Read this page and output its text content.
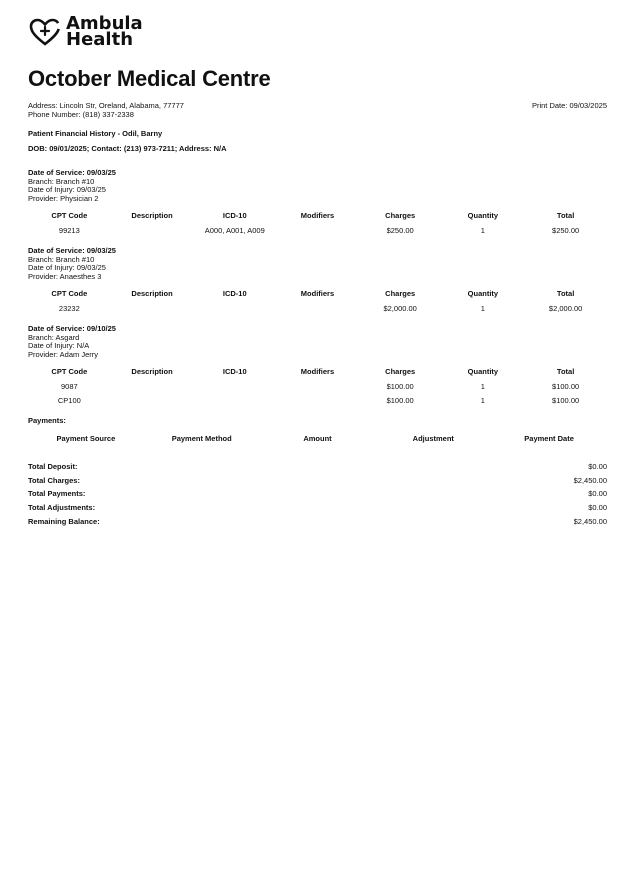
Ambula
Health
October Medical Centre
Address: Lincoln Str, Oreland, Alabama, 77777
Phone Number: (818) 337-2338
Print Date: 09/03/2025
Patient Financial History - Odil, Barny
DOB: 09/01/2025; Contact: (213) 973-7211; Address: N/A
Date of Service: 09/03/25
Branch: Branch #10
Date of Injury: 09/03/25
Provider: Physician 2
CPT Code	Description	ICD-10	Modifiers	Charges	Quantity	Total
99213		A000, A001, A009		$250.00	1	$250.00
Date of Service: 09/03/25
Branch: Branch #10
Date of Injury: 09/03/25
Provider: Anaesthes 3
CPT Code	Description	ICD-10	Modifiers	Charges	Quantity	Total
23232				$2,000.00	1	$2,000.00
Date of Service: 09/10/25
Branch: Asgard
Date of Injury: N/A
Provider: Adam Jerry
CPT Code	Description	ICD-10	Modifiers	Charges	Quantity	Total
9087				$100.00	1	$100.00
CP100				$100.00	1	$100.00
Payments:
Payment Source	Payment Method	Amount	Adjustment	Payment Date
Total Deposit:	$0.00
Total Charges:	$2,450.00
Total Payments:	$0.00
Total Adjustments:	$0.00
Remaining Balance:	$2,450.00
